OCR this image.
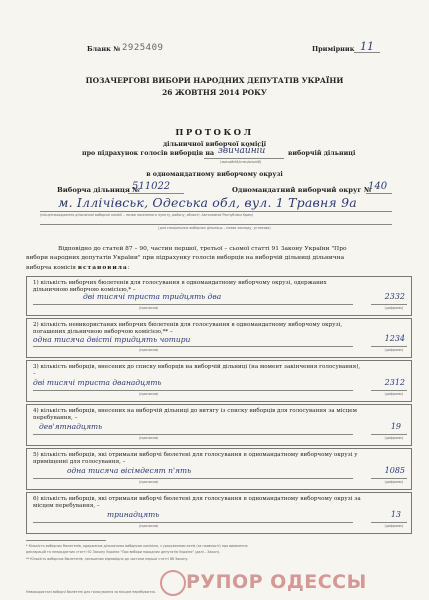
Бланк № 2925409	Примірник 11
ПОЗАЧЕРГОВІ ВИБОРИ НАРОДНИХ ДЕПУТАТІВ УКРАЇНИ
26 ЖОВТНЯ 2014 РОКУ
ПРОТОКОЛ
дільничної виборчої комісії
про підрахунок голосів виборців на звичайній	виборчій дільниці
(звичайній/спеціальній)
в одномандатному виборчому окрузі
Виборча дільниця №
511022	Одномандатний виборчий округ №
140
м. Іллічівськ, Одеська обл, вул. 1 Травня 9а
(місцезнаходження дільничної виборчої комісії – назва населеного пункту, району, області, Автономної Республіки Крим)
(для спеціальних виборчих дільниць – назва закладу, установи)
Відповідно до статей 87 – 90, частин першої, третьої – сьомої статті 91 Закону України "Про
вибори народних депутатів України" при підрахунку голосів виборців на виборчій дільниці дільнична
виборча комісія встановила:
1) кількість виборчих бюлетенів для голосування в одномандатному виборчому окрузі, одержаних дільничною виборчою комісією,* –
дві тисячі триста тридцять два	2332
(прописом)	(цифрами)
2) кількість невикористаних виборчих бюлетенів для голосування в одномандатному виборчому окрузі, погашених дільничною виборчою комісією,** –
одна тисяча двісті тридцять чотири	1234
(прописом)	(цифрами)
3) кількість виборців, внесених до списку виборців на виборчій дільниці (на момент закінчення голосування), –
дві тисячі триста дванадцять	2312
(прописом)	(цифрами)
4) кількість виборців, внесених на виборчій дільниці до витягу із списку виборців для голосування за місцем перебування, –
дев'ятнадцять	19
(прописом)	(цифрами)
5) кількість виборців, які отримали виборчі бюлетені для голосування в одномандатному виборчому окрузі у приміщенні для голосування, –
одна тисяча вісімдесят п'ять	1085
(прописом)	(цифрами)
6) кількість виборців, які отримали виборчі бюлетені для голосування в одномандатному виборчому окрузі за місцем перебування, –
тринадцять	13
(прописом)	(цифрами)
* Кількість виборчих бюлетенів, одержаних дільничною виборчою комісією, з урахуванням актів (за наявності) про виявлення
декларацій та непридатних статті 92 Закону України "Про вибори народних депутатів України" (далі – Закон).
** Кількість виборчих бюлетенів, погашених відповідно до частини першої статті 88 Закону.
Невикористані виборчі бюлетені для голосування за місцем перебування. РУПОР ОДЕССЫ
